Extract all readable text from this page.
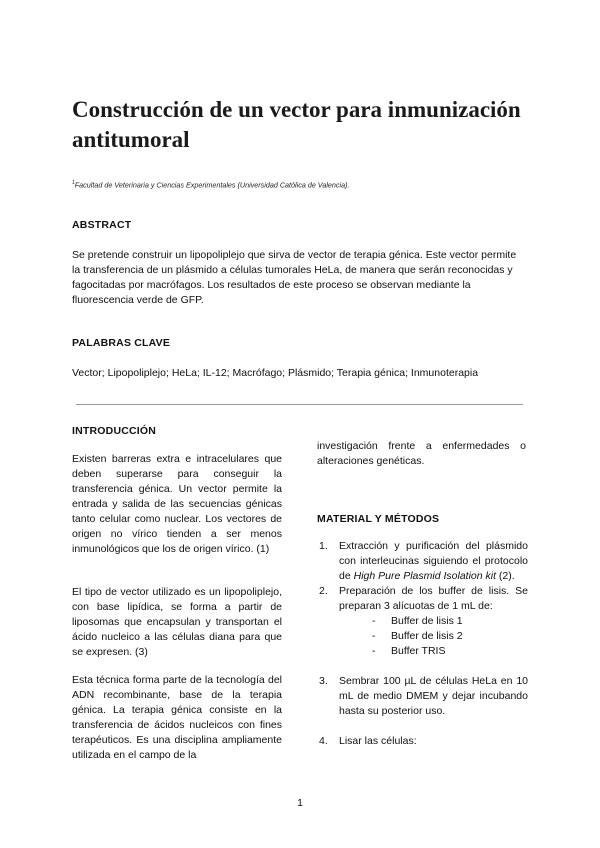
Construcción de un vector para inmunización antitumoral

$^1$Facultad de Veterinaria y Ciencias Experimentales (Universidad Católica de Valencia).

ABSTRACT

Se pretende construir un lipopoliplejo que sirva de vector de terapia génica. Este vector permite la transferencia de un plásmido a células tumorales HeLa, de manera que serán reconocidas y fagocitadas por macrófagos. Los resultados de este proceso se observan mediante la fluorescencia verde de GFP.

PALABRAS CLAVE

Vector; Lipopoliplejo; HeLa; IL-12; Macrófago; Plásmido; Terapia génica; Inmunoterapia

INTRODUCCIÓN

Existen barreras extra e intracelulares que deben superarse para conseguir la transferencia génica. Un vector permite la entrada y salida de las secuencias génicas tanto celular como nuclear. Los vectores de origen no vírico tienden a ser menos inmunológicos que los de origen vírico. (1)

El tipo de vector utilizado es un lipopoliplejo, con base lipídica, se forma a partir de liposomas que encapsulan y transportan el ácido nucleico a las células diana para que se expresen. (3)

Esta técnica forma parte de la tecnología del ADN recombinante, base de la terapia génica. La terapia génica consiste en la transferencia de ácidos nucleicos con fines terapéuticos. Es una disciplina ampliamente utilizada en el campo de la

investigación frente a enfermedades o alteraciones genéticas.

MATERIAL Y MÉTODOS
1. Extracción y purificación del plásmido con interleucinas siguiendo el protocolo de High Pure Plasmid Isolation kit (2).
2. Preparación de los buffer de lisis. Se preparan 3 alícuotas de 1 mL de:
- Buffer de lisis 1
- Buffer de lisis 2
- Buffer TRIS
3. Sembrar 100 µL de células HeLa en 10 mL de medio DMEM y dejar incubando hasta su posterior uso.
4. Lisar las células:
1
